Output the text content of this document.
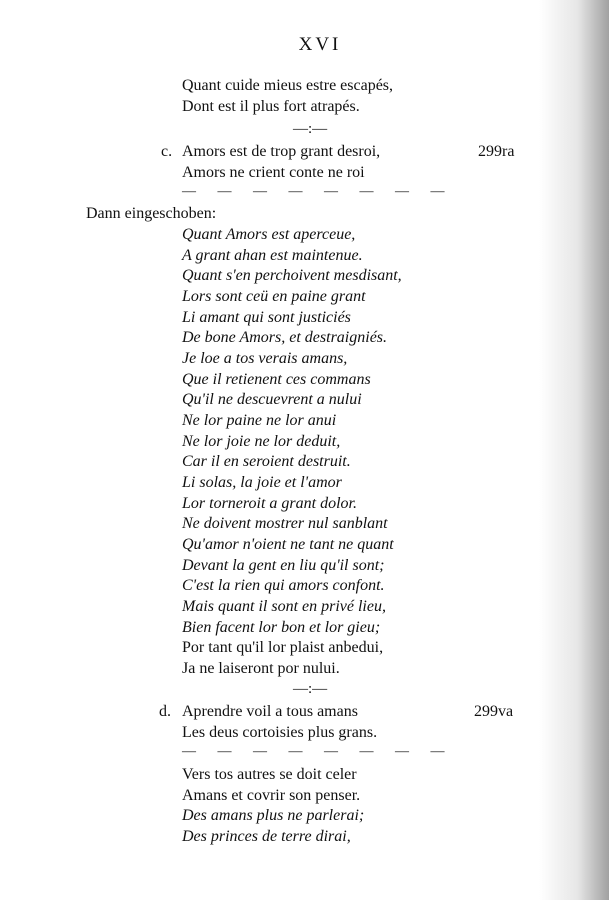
XVI
Quant cuide mieus estre escapés,
Dont est il plus fort atrapés.
—:—
c. Amors est de trop grant desroi,	299ra
Amors ne crient conte ne roi
— — — — — — — —
Dann eingeschoben:
Quant Amors est aperceue,
A grant ahan est maintenue.
Quant s'en perchoivent mesdisant,
Lors sont ceü en paine grant
Li amant qui sont justiciés
De bone Amors, et destraigniés.
Je loe a tos verais amans,
Que il retienent ces commans
Qu'il ne descuevrent a nului
Ne lor paine ne lor anui
Ne lor joie ne lor deduit,
Car il en seroient destruit.
Li solas, la joie et l'amor
Lor torneroit a grant dolor.
Ne doivent mostrer nul sanblant
Qu'amor n'oient ne tant ne quant
Devant la gent en liu qu'il sont;
C'est la rien qui amors confont.
Mais quant il sont en privé lieu,
Bien facent lor bon et lor gieu;
Por tant qu'il lor plaist anbedui,
Ja ne laiseront por nului.
—:—
d. Aprendre voil a tous amans	299va
Les deus cortoisies plus grans.
— — — — — — — —
Vers tos autres se doit celer
Amans et covrir son penser.
Des amans plus ne parlerai;
Des princes de terre dirai,
